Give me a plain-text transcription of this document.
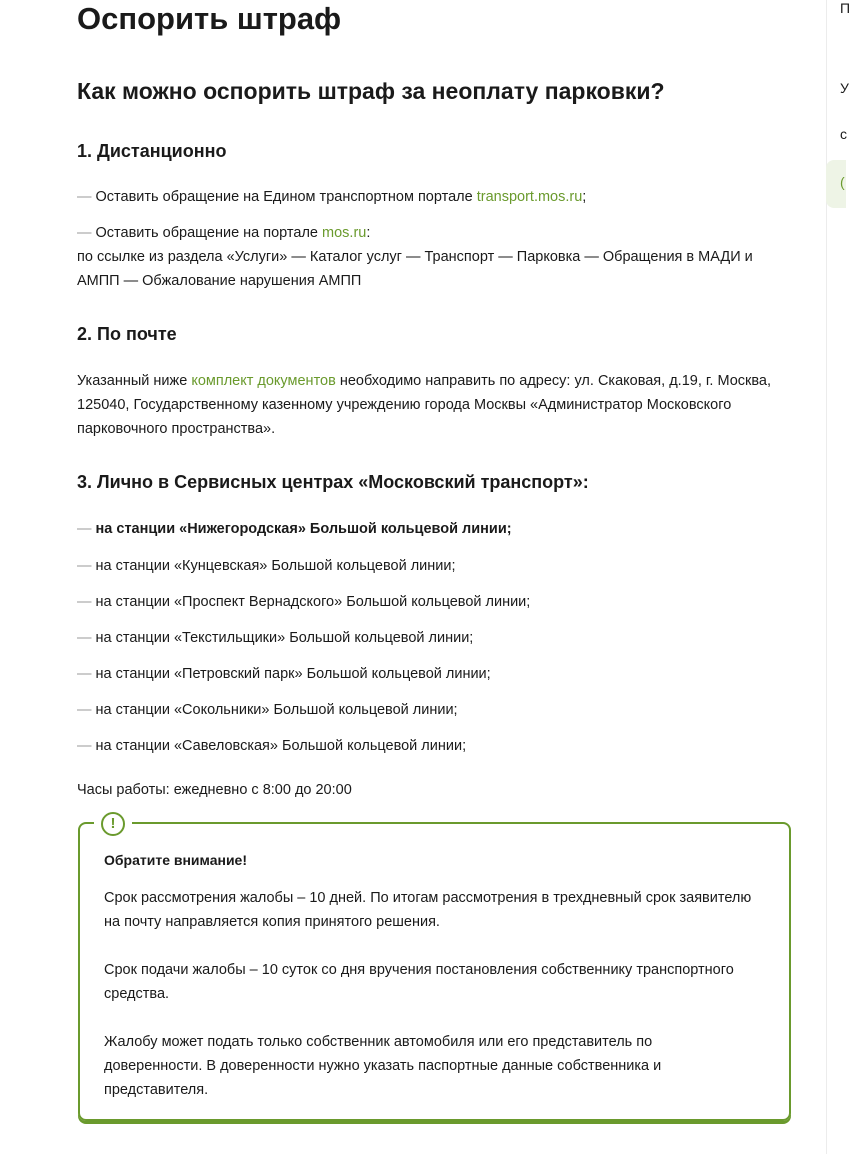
Оспорить штраф
Как можно оспорить штраф за неоплату парковки?
1. Дистанционно

— Оставить обращение на Едином транспортном портале transport.mos.ru;

— Оставить обращение на портале mos.ru:
по ссылке из раздела «Услуги» — Каталог услуг — Транспорт — Парковка — Обращения в МАДИ и АМПП — Обжалование нарушения АМПП

2. По почте

Указанный ниже комплект документов необходимо направить по адресу: ул. Скаковая, д.19, г. Москва, 125040, Государственному казенному учреждению города Москвы «Администратор Московского парковочного пространства».

3. Лично в Сервисных центрах «Московский транспорт»:

— на станции «Нижегородская» Большой кольцевой линии;

— на станции «Кунцевская» Большой кольцевой линии;

— на станции «Проспект Вернадского» Большой кольцевой линии;

— на станции «Текстильщики» Большой кольцевой линии;

— на станции «Петровский парк» Большой кольцевой линии;

— на станции «Сокольники» Большой кольцевой линии;

— на станции «Савеловская» Большой кольцевой линии;

Часы работы: ежедневно с 8:00 до 20:00

!
Обратите внимание!
Срок рассмотрения жалобы – 10 дней. По итогам рассмотрения в трехдневный срок заявителю на почту направляется копия принятого решения.
Срок подачи жалобы – 10 суток со дня вручения постановления собственнику транспортного средства.
Жалобу может подать только собственник автомобиля или его представитель по доверенности. В доверенности нужно указать паспортные данные собственника и представителя.
П
У
с
(
